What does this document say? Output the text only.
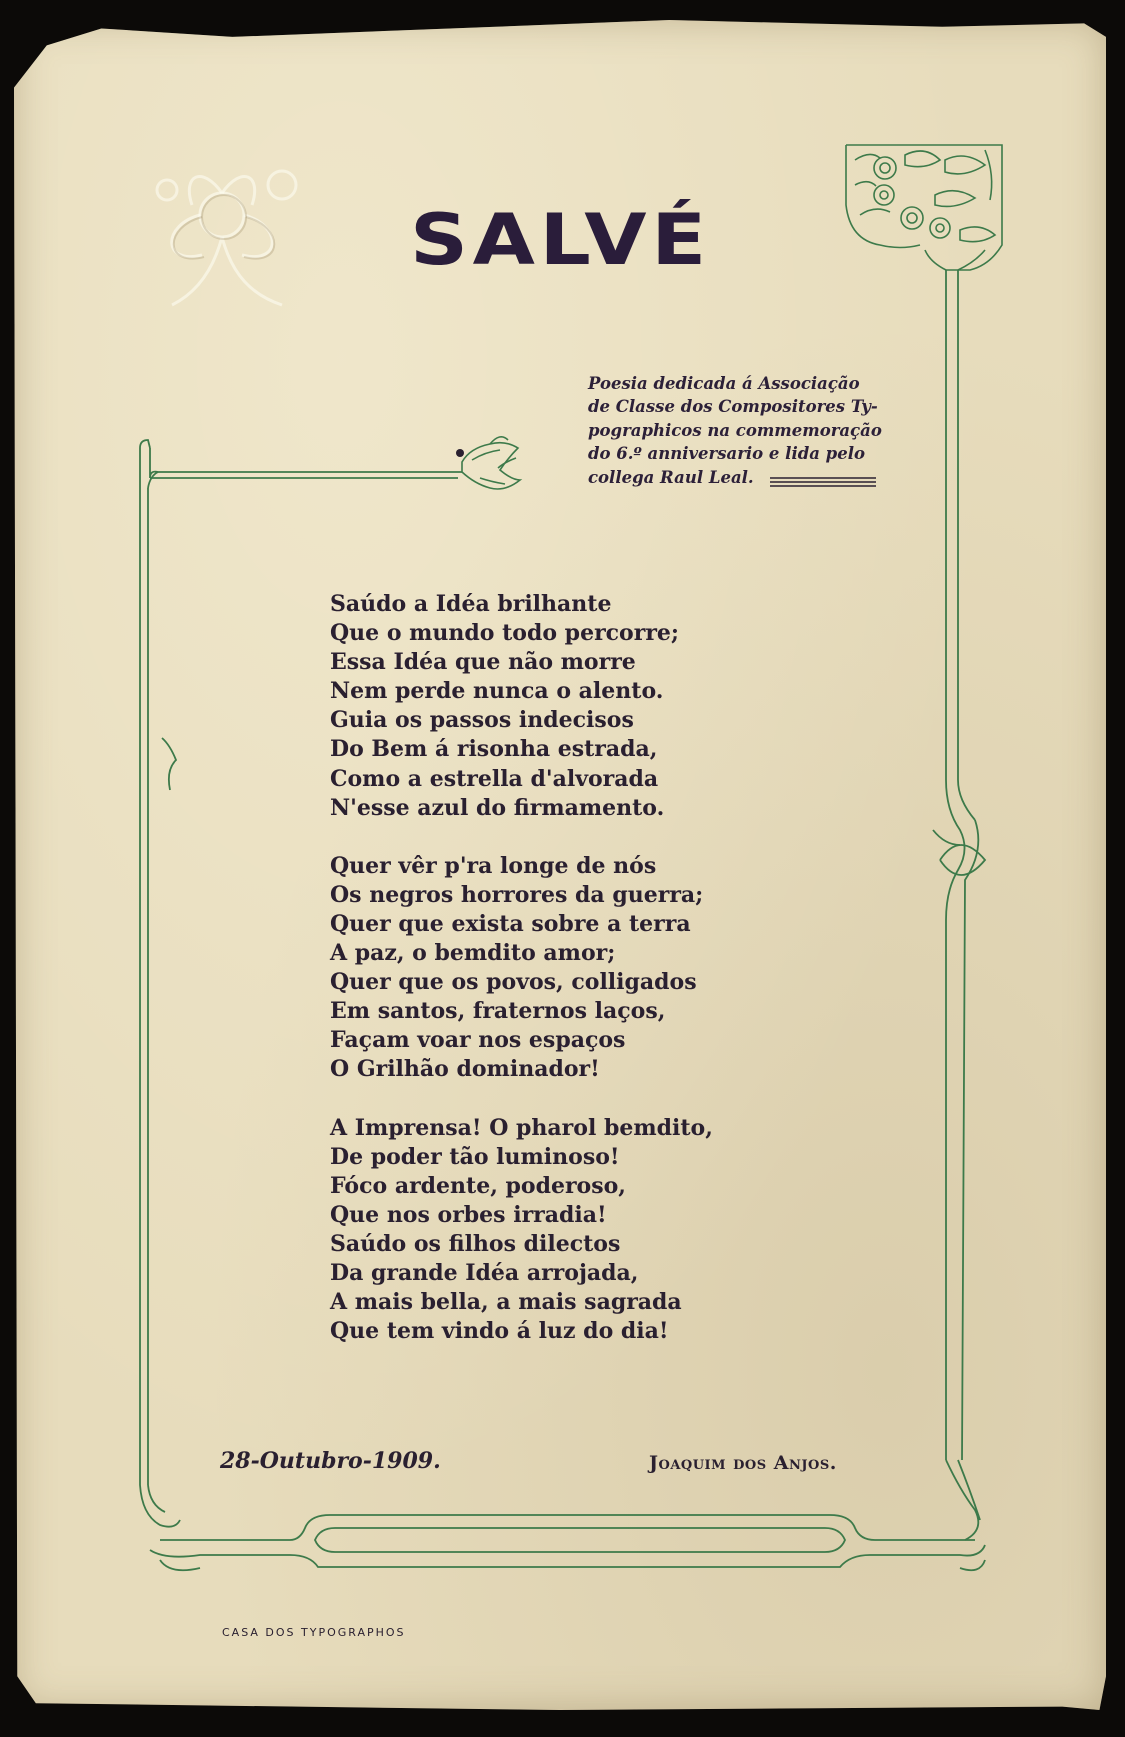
SALVÉ
Poesia dedicada á Associação
de Classe dos Compositores Ty-
pographicos na commemoração
do 6.º anniversario e lida pelo
collega Raul Leal.
Saúdo a Idéa brilhante
Que o mundo todo percorre;
Essa Idéa que não morre
Nem perde nunca o alento.
Guia os passos indecisos
Do Bem á risonha estrada,
Como a estrella d'alvorada
N'esse azul do firmamento.
Quer vêr p'ra longe de nós
Os negros horrores da guerra;
Quer que exista sobre a terra
A paz, o bemdito amor;
Quer que os povos, colligados
Em santos, fraternos laços,
Façam voar nos espaços
O Grilhão dominador!
A Imprensa! O pharol bemdito,
De poder tão luminoso!
Fóco ardente, poderoso,
Que nos orbes irradia!
Saúdo os filhos dilectos
Da grande Idéa arrojada,
A mais bella, a mais sagrada
Que tem vindo á luz do dia!
28-Outubro-1909.	Joaquim dos Anjos.
CASA DOS TYPOGRAPHOS
